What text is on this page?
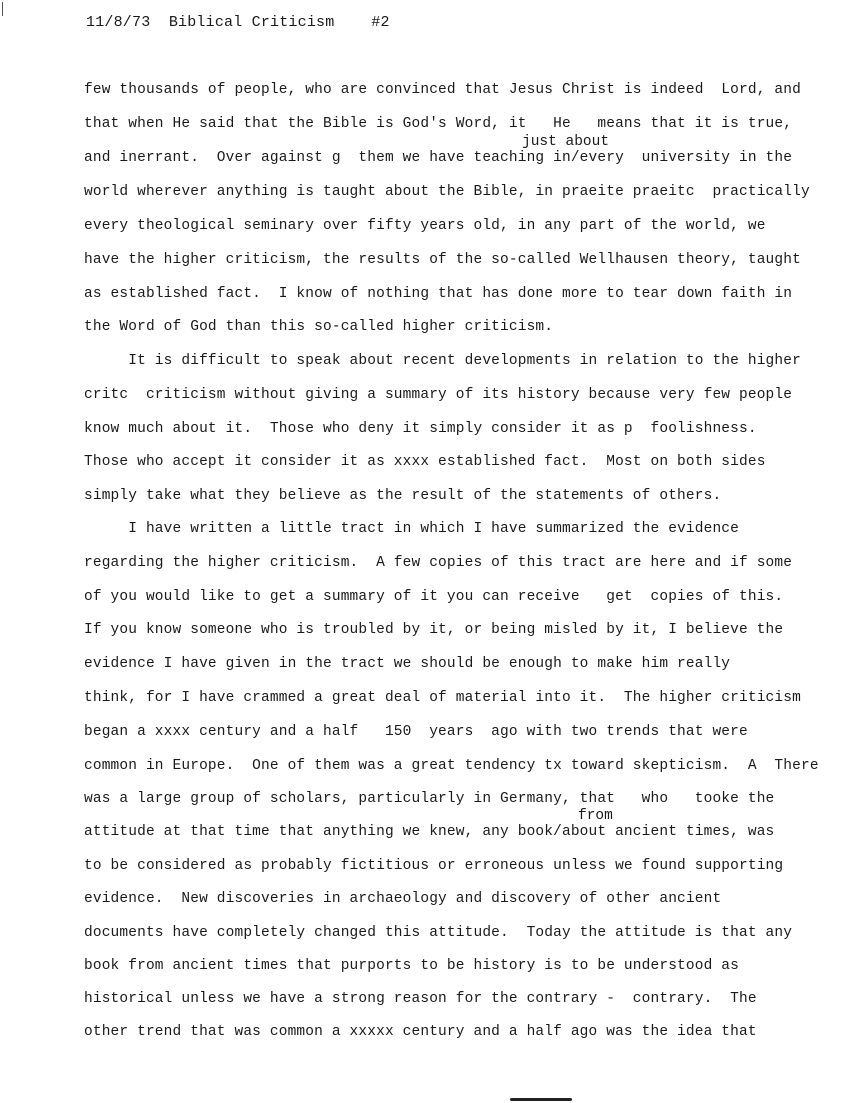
11/8/73  Biblical Criticism    #2
just about
from
few thousands of people, who are convinced that Jesus Christ is indeed  Lord, and
that when He said that the Bible is God's Word, it   He   means that it is true,
and inerrant.  Over against g  them we have teaching in/every  university in the
world wherever anything is taught about the Bible, in praeite praeitc  practically
every theological seminary over fifty years old, in any part of the world, we
have the higher criticism, the results of the so-called Wellhausen theory, taught
as established fact.  I know of nothing that has done more to tear down faith in
the Word of God than this so-called higher criticism.
It is difficult to speak about recent developments in relation to the higher
critc  criticism without giving a summary of its history because very few people
know much about it.  Those who deny it simply consider it as p  foolishness.
Those who accept it consider it as xxxx established fact.  Most on both sides
simply take what they believe as the result of the statements of others.
I have written a little tract in which I have summarized the evidence
regarding the higher criticism.  A few copies of this tract are here and if some
of you would like to get a summary of it you can receive   get  copies of this.
If you know someone who is troubled by it, or being misled by it, I believe the
evidence I have given in the tract we should be enough to make him really
think, for I have crammed a great deal of material into it.  The higher criticism
began a xxxx century and a half   150  years  ago with two trends that were
common in Europe.  One of them was a great tendency tx toward skepticism.  A  There
was a large group of scholars, particularly in Germany, that   who   tooke the
attitude at that time that anything we knew, any book/about ancient times, was
to be considered as probably fictitious or erroneous unless we found supporting
evidence.  New discoveries in archaeology and discovery of other ancient
documents have completely changed this attitude.  Today the attitude is that any
book from ancient times that purports to be history is to be understood as
historical unless we have a strong reason for the contrary -  contrary.  The
other trend that was common a xxxxx century and a half ago was the idea that
